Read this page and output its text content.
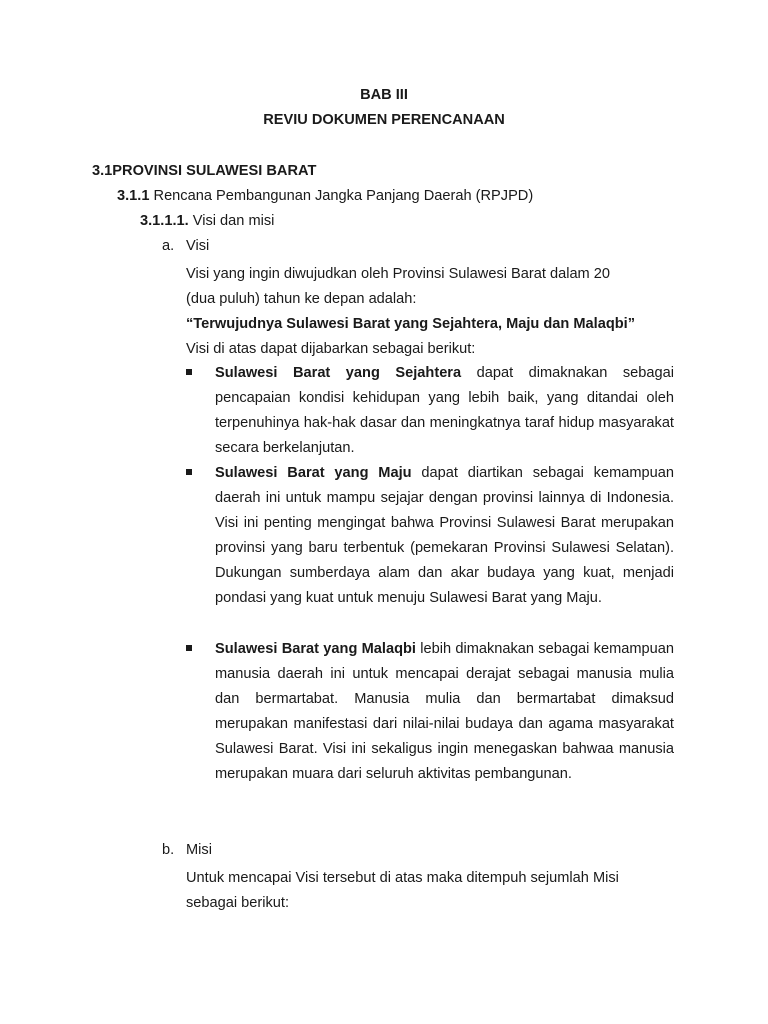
BAB III
REVIU DOKUMEN PERENCANAAN
3.1PROVINSI SULAWESI BARAT
3.1.1 Rencana Pembangunan Jangka Panjang Daerah (RPJPD)
3.1.1.1. Visi dan misi
a. Visi
Visi yang ingin diwujudkan oleh Provinsi Sulawesi Barat dalam 20
(dua puluh) tahun ke depan adalah:
“Terwujudnya Sulawesi Barat yang Sejahtera, Maju dan Malaqbi”
Visi di atas dapat dijabarkan sebagai berikut:
Sulawesi Barat yang Sejahtera dapat dimaknakan sebagai pencapaian kondisi kehidupan yang lebih baik, yang ditandai oleh terpenuhinya hak-hak dasar dan meningkatnya taraf hidup masyarakat secara berkelanjutan.
Sulawesi Barat yang Maju dapat diartikan sebagai kemampuan daerah ini untuk mampu sejajar dengan provinsi lainnya di Indonesia. Visi ini penting mengingat bahwa Provinsi Sulawesi Barat merupakan provinsi yang baru terbentuk (pemekaran Provinsi Sulawesi Selatan). Dukungan sumberdaya alam dan akar budaya yang kuat, menjadi pondasi yang kuat untuk menuju Sulawesi Barat yang Maju.
Sulawesi Barat yang Malaqbi lebih dimaknakan sebagai kemampuan manusia daerah ini untuk mencapai derajat sebagai manusia mulia dan bermartabat. Manusia mulia dan bermartabat dimaksud merupakan manifestasi dari nilai-nilai budaya dan agama masyarakat Sulawesi Barat. Visi ini sekaligus ingin menegaskan bahwaa manusia merupakan muara dari seluruh aktivitas pembangunan.
b. Misi
Untuk mencapai Visi tersebut di atas maka ditempuh sejumlah Misi
sebagai berikut:
